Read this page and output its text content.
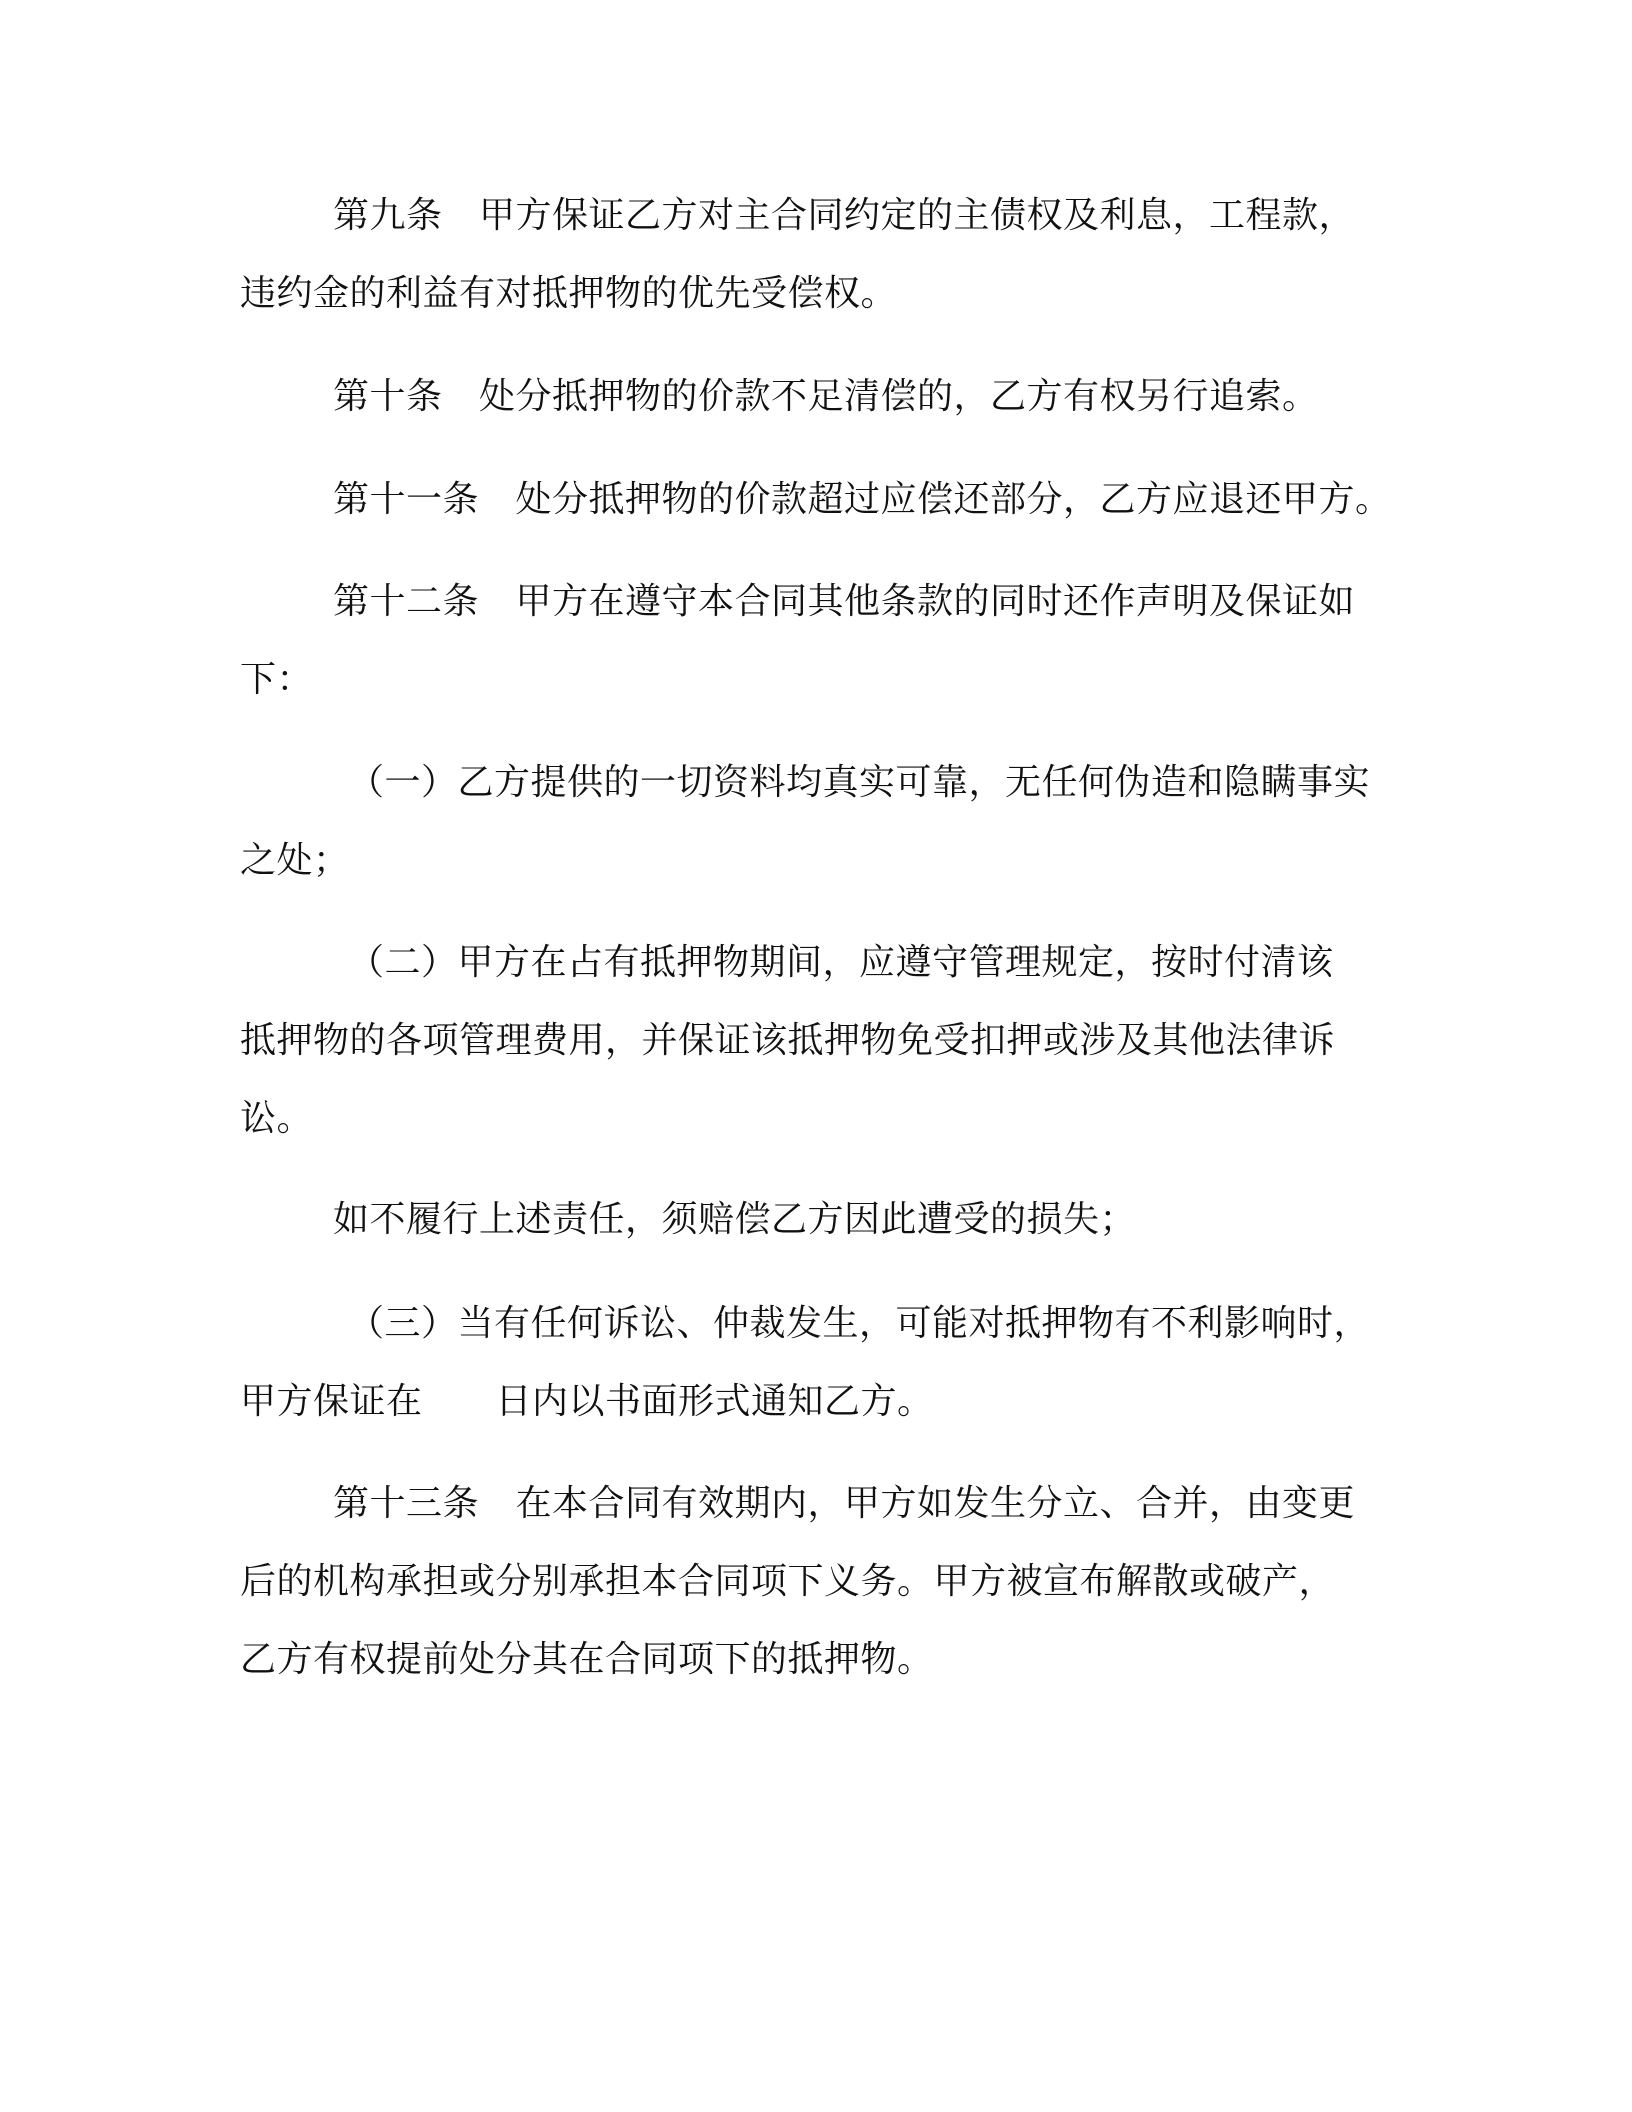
第九条　甲方保证乙方对主合同约定的主债权及利息，工程款，
违约金的利益有对抵押物的优先受偿权。
第十条　处分抵押物的价款不足清偿的，乙方有权另行追索。
第十一条　处分抵押物的价款超过应偿还部分，乙方应退还甲方。
第十二条　甲方在遵守本合同其他条款的同时还作声明及保证如
下：
（一）乙方提供的一切资料均真实可靠，无任何伪造和隐瞒事实
之处；
（二）甲方在占有抵押物期间，应遵守管理规定，按时付清该
抵押物的各项管理费用，并保证该抵押物免受扣押或涉及其他法律诉
讼。
如不履行上述责任，须赔偿乙方因此遭受的损失；
（三）当有任何诉讼、仲裁发生，可能对抵押物有不利影响时，
甲方保证在　　日内以书面形式通知乙方。
第十三条　在本合同有效期内，甲方如发生分立、合并，由变更
后的机构承担或分别承担本合同项下义务。甲方被宣布解散或破产，
乙方有权提前处分其在合同项下的抵押物。
